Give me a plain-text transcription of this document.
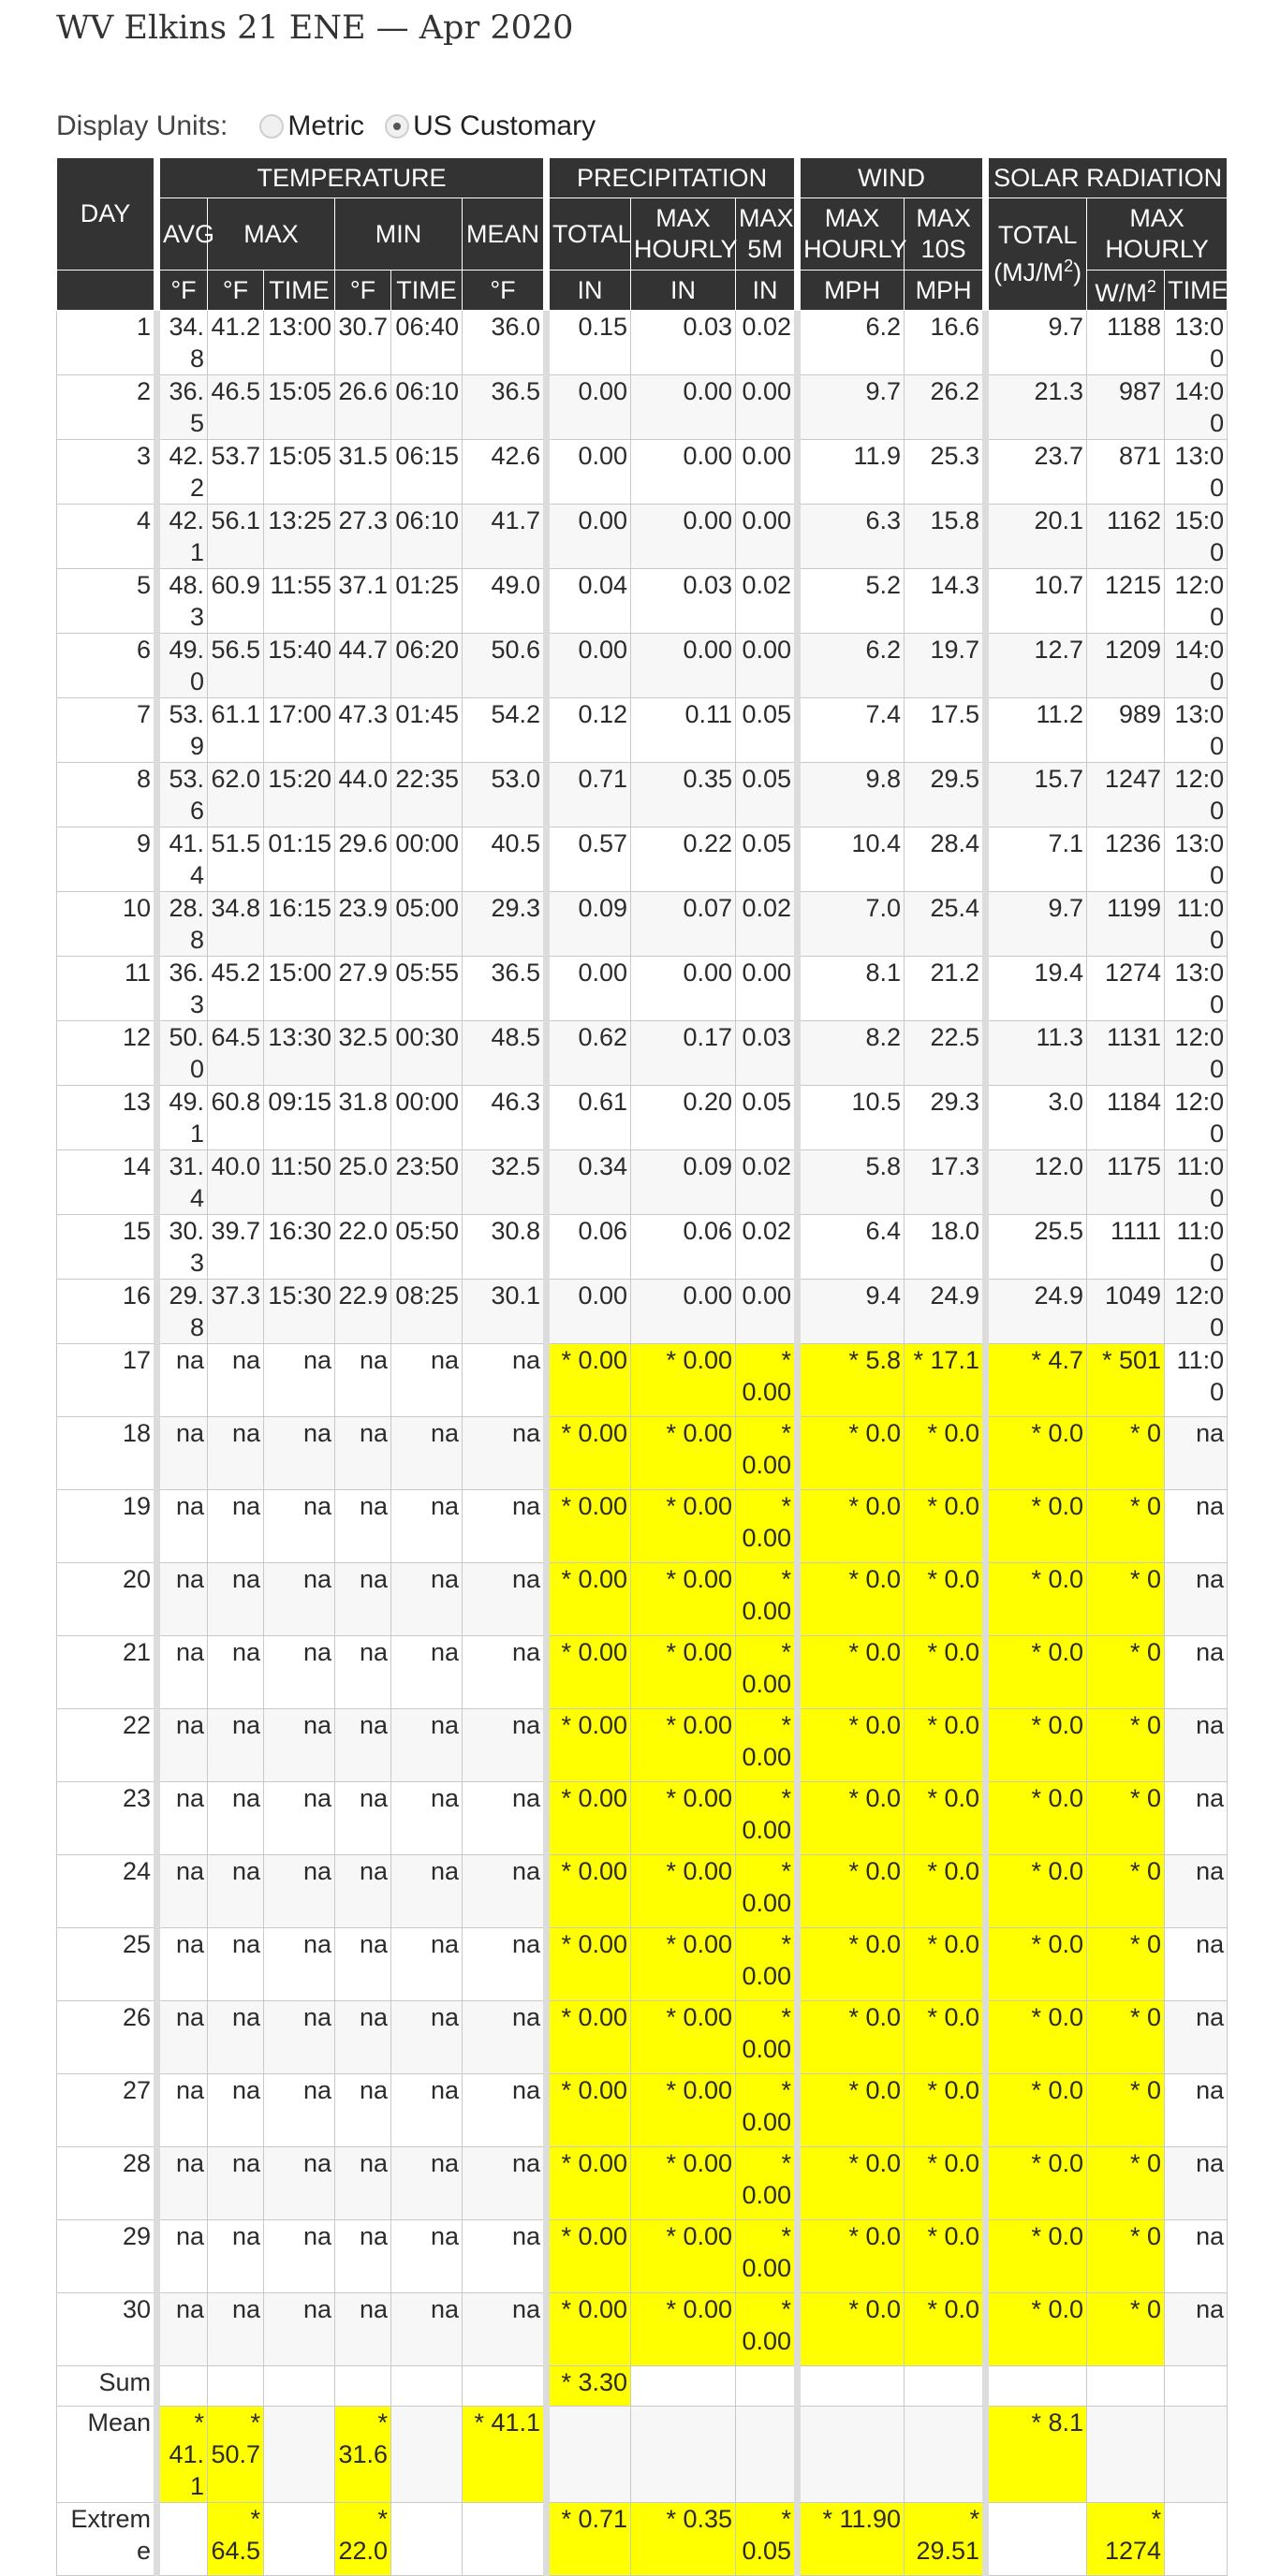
WV Elkins 21 ENE — Apr 2020
Display Units: Metric US Customary
DAY	TEMPERATURE						PRECIPITATION			WIND		SOLAR RADIATION		
	AVG	MAX		MIN		MEAN	TOTAL	MAX HOURLY	MAX 5M	MAX HOURLY	MAX 10S	TOTAL $(MJ/M^2)$	MAX HOURLY	
	°F	°F	TIME	°F	TIME	°F	IN	IN	IN	MPH	MPH		$W/M^2$	TIME
1	34.8	41.2	13:00	30.7	06:40	36.0	0.15	0.03	0.02	6.2	16.6	9.7	1188	13:00
2	36.5	46.5	15:05	26.6	06:10	36.5	0.00	0.00	0.00	9.7	26.2	21.3	987	14:00
3	42.2	53.7	15:05	31.5	06:15	42.6	0.00	0.00	0.00	11.9	25.3	23.7	871	13:00
4	42.1	56.1	13:25	27.3	06:10	41.7	0.00	0.00	0.00	6.3	15.8	20.1	1162	15:00
5	48.3	60.9	11:55	37.1	01:25	49.0	0.04	0.03	0.02	5.2	14.3	10.7	1215	12:00
6	49.0	56.5	15:40	44.7	06:20	50.6	0.00	0.00	0.00	6.2	19.7	12.7	1209	14:00
7	53.9	61.1	17:00	47.3	01:45	54.2	0.12	0.11	0.05	7.4	17.5	11.2	989	13:00
8	53.6	62.0	15:20	44.0	22:35	53.0	0.71	0.35	0.05	9.8	29.5	15.7	1247	12:00
9	41.4	51.5	01:15	29.6	00:00	40.5	0.57	0.22	0.05	10.4	28.4	7.1	1236	13:00
10	28.8	34.8	16:15	23.9	05:00	29.3	0.09	0.07	0.02	7.0	25.4	9.7	1199	11:00
11	36.3	45.2	15:00	27.9	05:55	36.5	0.00	0.00	0.00	8.1	21.2	19.4	1274	13:00
12	50.0	64.5	13:30	32.5	00:30	48.5	0.62	0.17	0.03	8.2	22.5	11.3	1131	12:00
13	49.1	60.8	09:15	31.8	00:00	46.3	0.61	0.20	0.05	10.5	29.3	3.0	1184	12:00
14	31.4	40.0	11:50	25.0	23:50	32.5	0.34	0.09	0.02	5.8	17.3	12.0	1175	11:00
15	30.3	39.7	16:30	22.0	05:50	30.8	0.06	0.06	0.02	6.4	18.0	25.5	1111	11:00
16	29.8	37.3	15:30	22.9	08:25	30.1	0.00	0.00	0.00	9.4	24.9	24.9	1049	12:00
17	na	na	na	na	na	na	* 0.00	* 0.00	* 0.00	* 5.8	* 17.1	* 4.7	* 501	11:00
18	na	na	na	na	na	na	* 0.00	* 0.00	* 0.00	* 0.0	* 0.0	* 0.0	* 0	na
19	na	na	na	na	na	na	* 0.00	* 0.00	* 0.00	* 0.0	* 0.0	* 0.0	* 0	na
20	na	na	na	na	na	na	* 0.00	* 0.00	* 0.00	* 0.0	* 0.0	* 0.0	* 0	na
21	na	na	na	na	na	na	* 0.00	* 0.00	* 0.00	* 0.0	* 0.0	* 0.0	* 0	na
22	na	na	na	na	na	na	* 0.00	* 0.00	* 0.00	* 0.0	* 0.0	* 0.0	* 0	na
23	na	na	na	na	na	na	* 0.00	* 0.00	* 0.00	* 0.0	* 0.0	* 0.0	* 0	na
24	na	na	na	na	na	na	* 0.00	* 0.00	* 0.00	* 0.0	* 0.0	* 0.0	* 0	na
25	na	na	na	na	na	na	* 0.00	* 0.00	* 0.00	* 0.0	* 0.0	* 0.0	* 0	na
26	na	na	na	na	na	na	* 0.00	* 0.00	* 0.00	* 0.0	* 0.0	* 0.0	* 0	na
27	na	na	na	na	na	na	* 0.00	* 0.00	* 0.00	* 0.0	* 0.0	* 0.0	* 0	na
28	na	na	na	na	na	na	* 0.00	* 0.00	* 0.00	* 0.0	* 0.0	* 0.0	* 0	na
29	na	na	na	na	na	na	* 0.00	* 0.00	* 0.00	* 0.0	* 0.0	* 0.0	* 0	na
30	na	na	na	na	na	na	* 0.00	* 0.00	* 0.00	* 0.0	* 0.0	* 0.0	* 0	na
Sum							* 3.30							
Mean	* 41.1	* 50.7		* 31.6		* 41.1						* 8.1		
Extreme		* 64.5		* 22.0			* 0.71	* 0.35	* 0.05	* 11.90	* 29.51		* 1274	
